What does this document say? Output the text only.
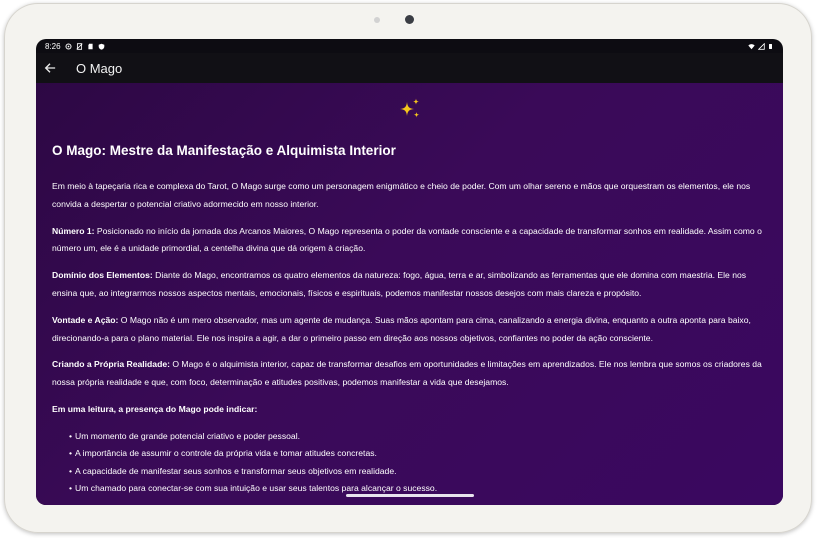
8:26
O Mago
O Mago: Mestre da Manifestação e Alquimista Interior

Em meio à tapeçaria rica e complexa do Tarot, O Mago surge como um personagem enigmático e cheio de poder. Com um olhar sereno e mãos que orquestram os elementos, ele nos convida a despertar o potencial criativo adormecido em nosso interior.

Número 1: Posicionado no início da jornada dos Arcanos Maiores, O Mago representa o poder da vontade consciente e a capacidade de transformar sonhos em realidade. Assim como o número um, ele é a unidade primordial, a centelha divina que dá origem à criação.

Domínio dos Elementos: Diante do Mago, encontramos os quatro elementos da natureza: fogo, água, terra e ar, simbolizando as ferramentas que ele domina com maestria. Ele nos ensina que, ao integrarmos nossos aspectos mentais, emocionais, físicos e espirituais, podemos manifestar nossos desejos com mais clareza e propósito.

Vontade e Ação: O Mago não é um mero observador, mas um agente de mudança. Suas mãos apontam para cima, canalizando a energia divina, enquanto a outra aponta para baixo, direcionando-a para o plano material. Ele nos inspira a agir, a dar o primeiro passo em direção aos nossos objetivos, confiantes no poder da ação consciente.

Criando a Própria Realidade: O Mago é o alquimista interior, capaz de transformar desafios em oportunidades e limitações em aprendizados. Ele nos lembra que somos os criadores da nossa própria realidade e que, com foco, determinação e atitudes positivas, podemos manifestar a vida que desejamos.

Em uma leitura, a presença do Mago pode indicar:

• Um momento de grande potencial criativo e poder pessoal.
• A importância de assumir o controle da própria vida e tomar atitudes concretas.
• A capacidade de manifestar seus sonhos e transformar seus objetivos em realidade.
• Um chamado para conectar-se com sua intuição e usar seus talentos para alcançar o sucesso.
